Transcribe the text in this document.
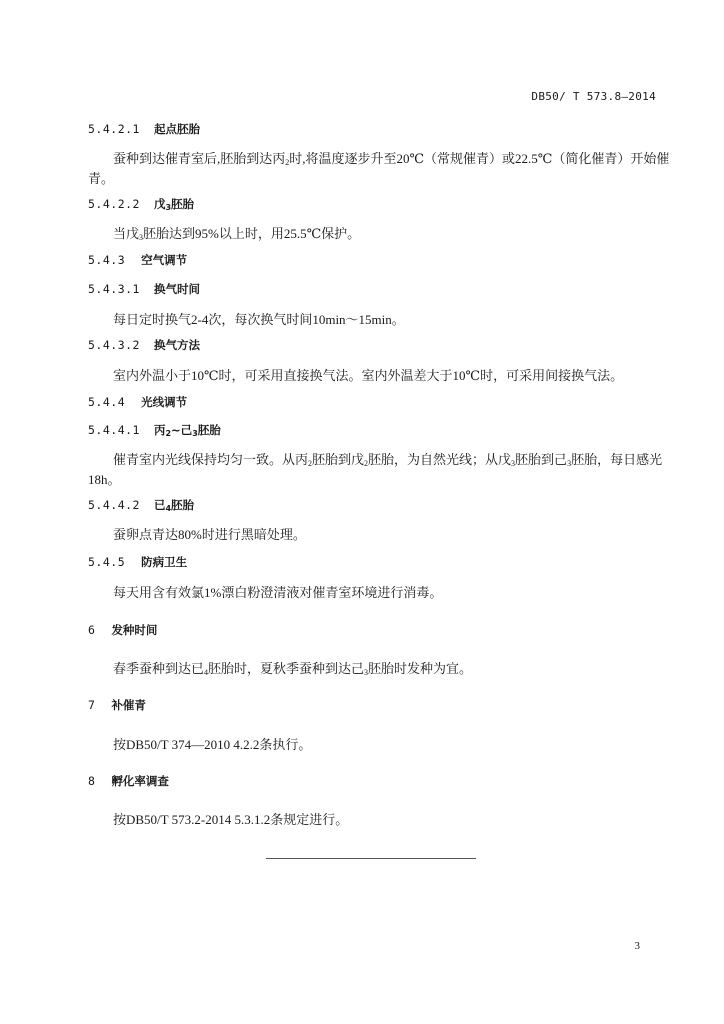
DB50/ T 573.8—2014
5.4.2.1 起点胚胎
蚕种到达催青室后,胚胎到达丙$_2$时,将温度逐步升至20℃（常规催青）或22.5℃（简化催青）开始催
青。
5.4.2.2 戊$_3$胚胎
当戊$_3$胚胎达到95%以上时，用25.5℃保护。
5.4.3 空气调节
5.4.3.1 换气时间
每日定时换气2-4次，每次换气时间10min～15min。
5.4.3.2 换气方法
室内外温小于10℃时，可采用直接换气法。室内外温差大于10℃时，可采用间接换气法。
5.4.4 光线调节
5.4.4.1 丙$_2$~己$_3$胚胎
催青室内光线保持均匀一致。从丙$_2$胚胎到戊$_2$胚胎，为自然光线；从戊$_3$胚胎到己$_3$胚胎，每日感光
18h。
5.4.4.2 已$_4$胚胎
蚕卵点青达80%时进行黑暗处理。
5.4.5 防病卫生
每天用含有效氯1%漂白粉澄清液对催青室环境进行消毒。
6 发种时间
春季蚕种到达已$_4$胚胎时，夏秋季蚕种到达己$_3$胚胎时发种为宜。
7 补催青
按DB50/T 374—2010 4.2.2条执行。
8 孵化率调查
按DB50/T 573.2-2014 5.3.1.2条规定进行。
3
